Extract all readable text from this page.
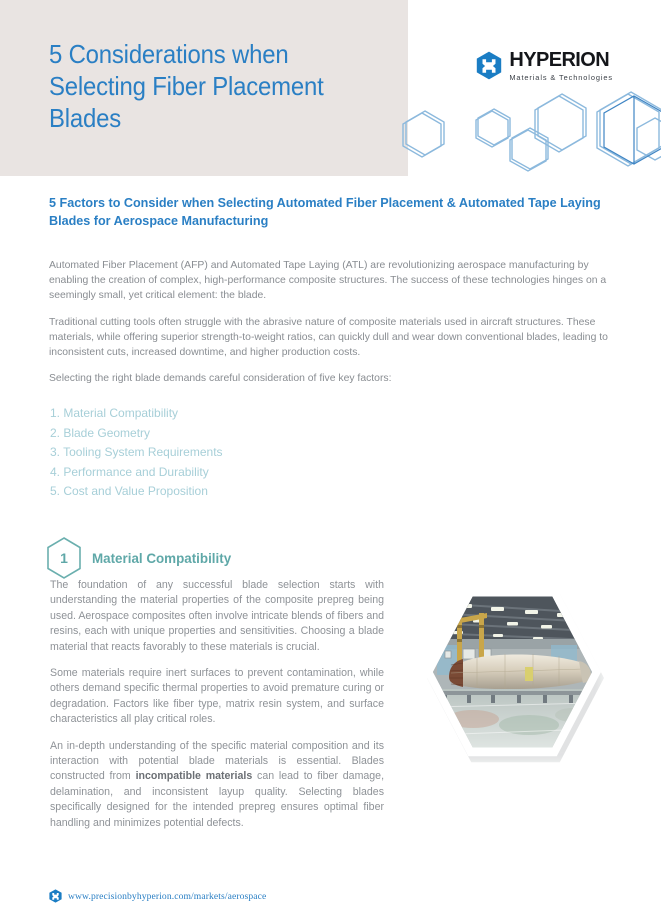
5 Considerations when Selecting Fiber Placement Blades
HYPERION
Materials & Technologies
5 Factors to Consider when Selecting Automated Fiber Placement & Automated Tape Laying Blades for Aerospace Manufacturing

Automated Fiber Placement (AFP) and Automated Tape Laying (ATL) are revolutionizing aerospace manufacturing by enabling the creation of complex, high-performance composite structures. The success of these technologies hinges on a seemingly small, yet critical element: the blade.

Traditional cutting tools often struggle with the abrasive nature of composite materials used in aircraft structures. These materials, while offering superior strength-to-weight ratios, can quickly dull and wear down conventional blades, leading to inconsistent cuts, increased downtime, and higher production costs.

Selecting the right blade demands careful consideration of five key factors:

1. Material Compatibility
2. Blade Geometry
3. Tooling System Requirements
4. Performance and Durability
5. Cost and Value Proposition
1	Material Compatibility

The foundation of any successful blade selection starts with understanding the material properties of the composite prepreg being used. Aerospace composites often involve intricate blends of fibers and resins, each with unique properties and sensitivities. Choosing a blade material that reacts favorably to these materials is crucial.

Some materials require inert surfaces to prevent contamination, while others demand specific thermal properties to avoid premature curing or degradation. Factors like fiber type, matrix resin system, and surface characteristics all play critical roles.

An in-depth understanding of the specific material composition and its interaction with potential blade materials is essential. Blades constructed from incompatible materials can lead to fiber damage, delamination, and inconsistent layup quality. Selecting blades specifically designed for the intended prepreg ensures optimal fiber handling and minimizes potential defects.

www.precisionbyhyperion.com/markets/aerospace
